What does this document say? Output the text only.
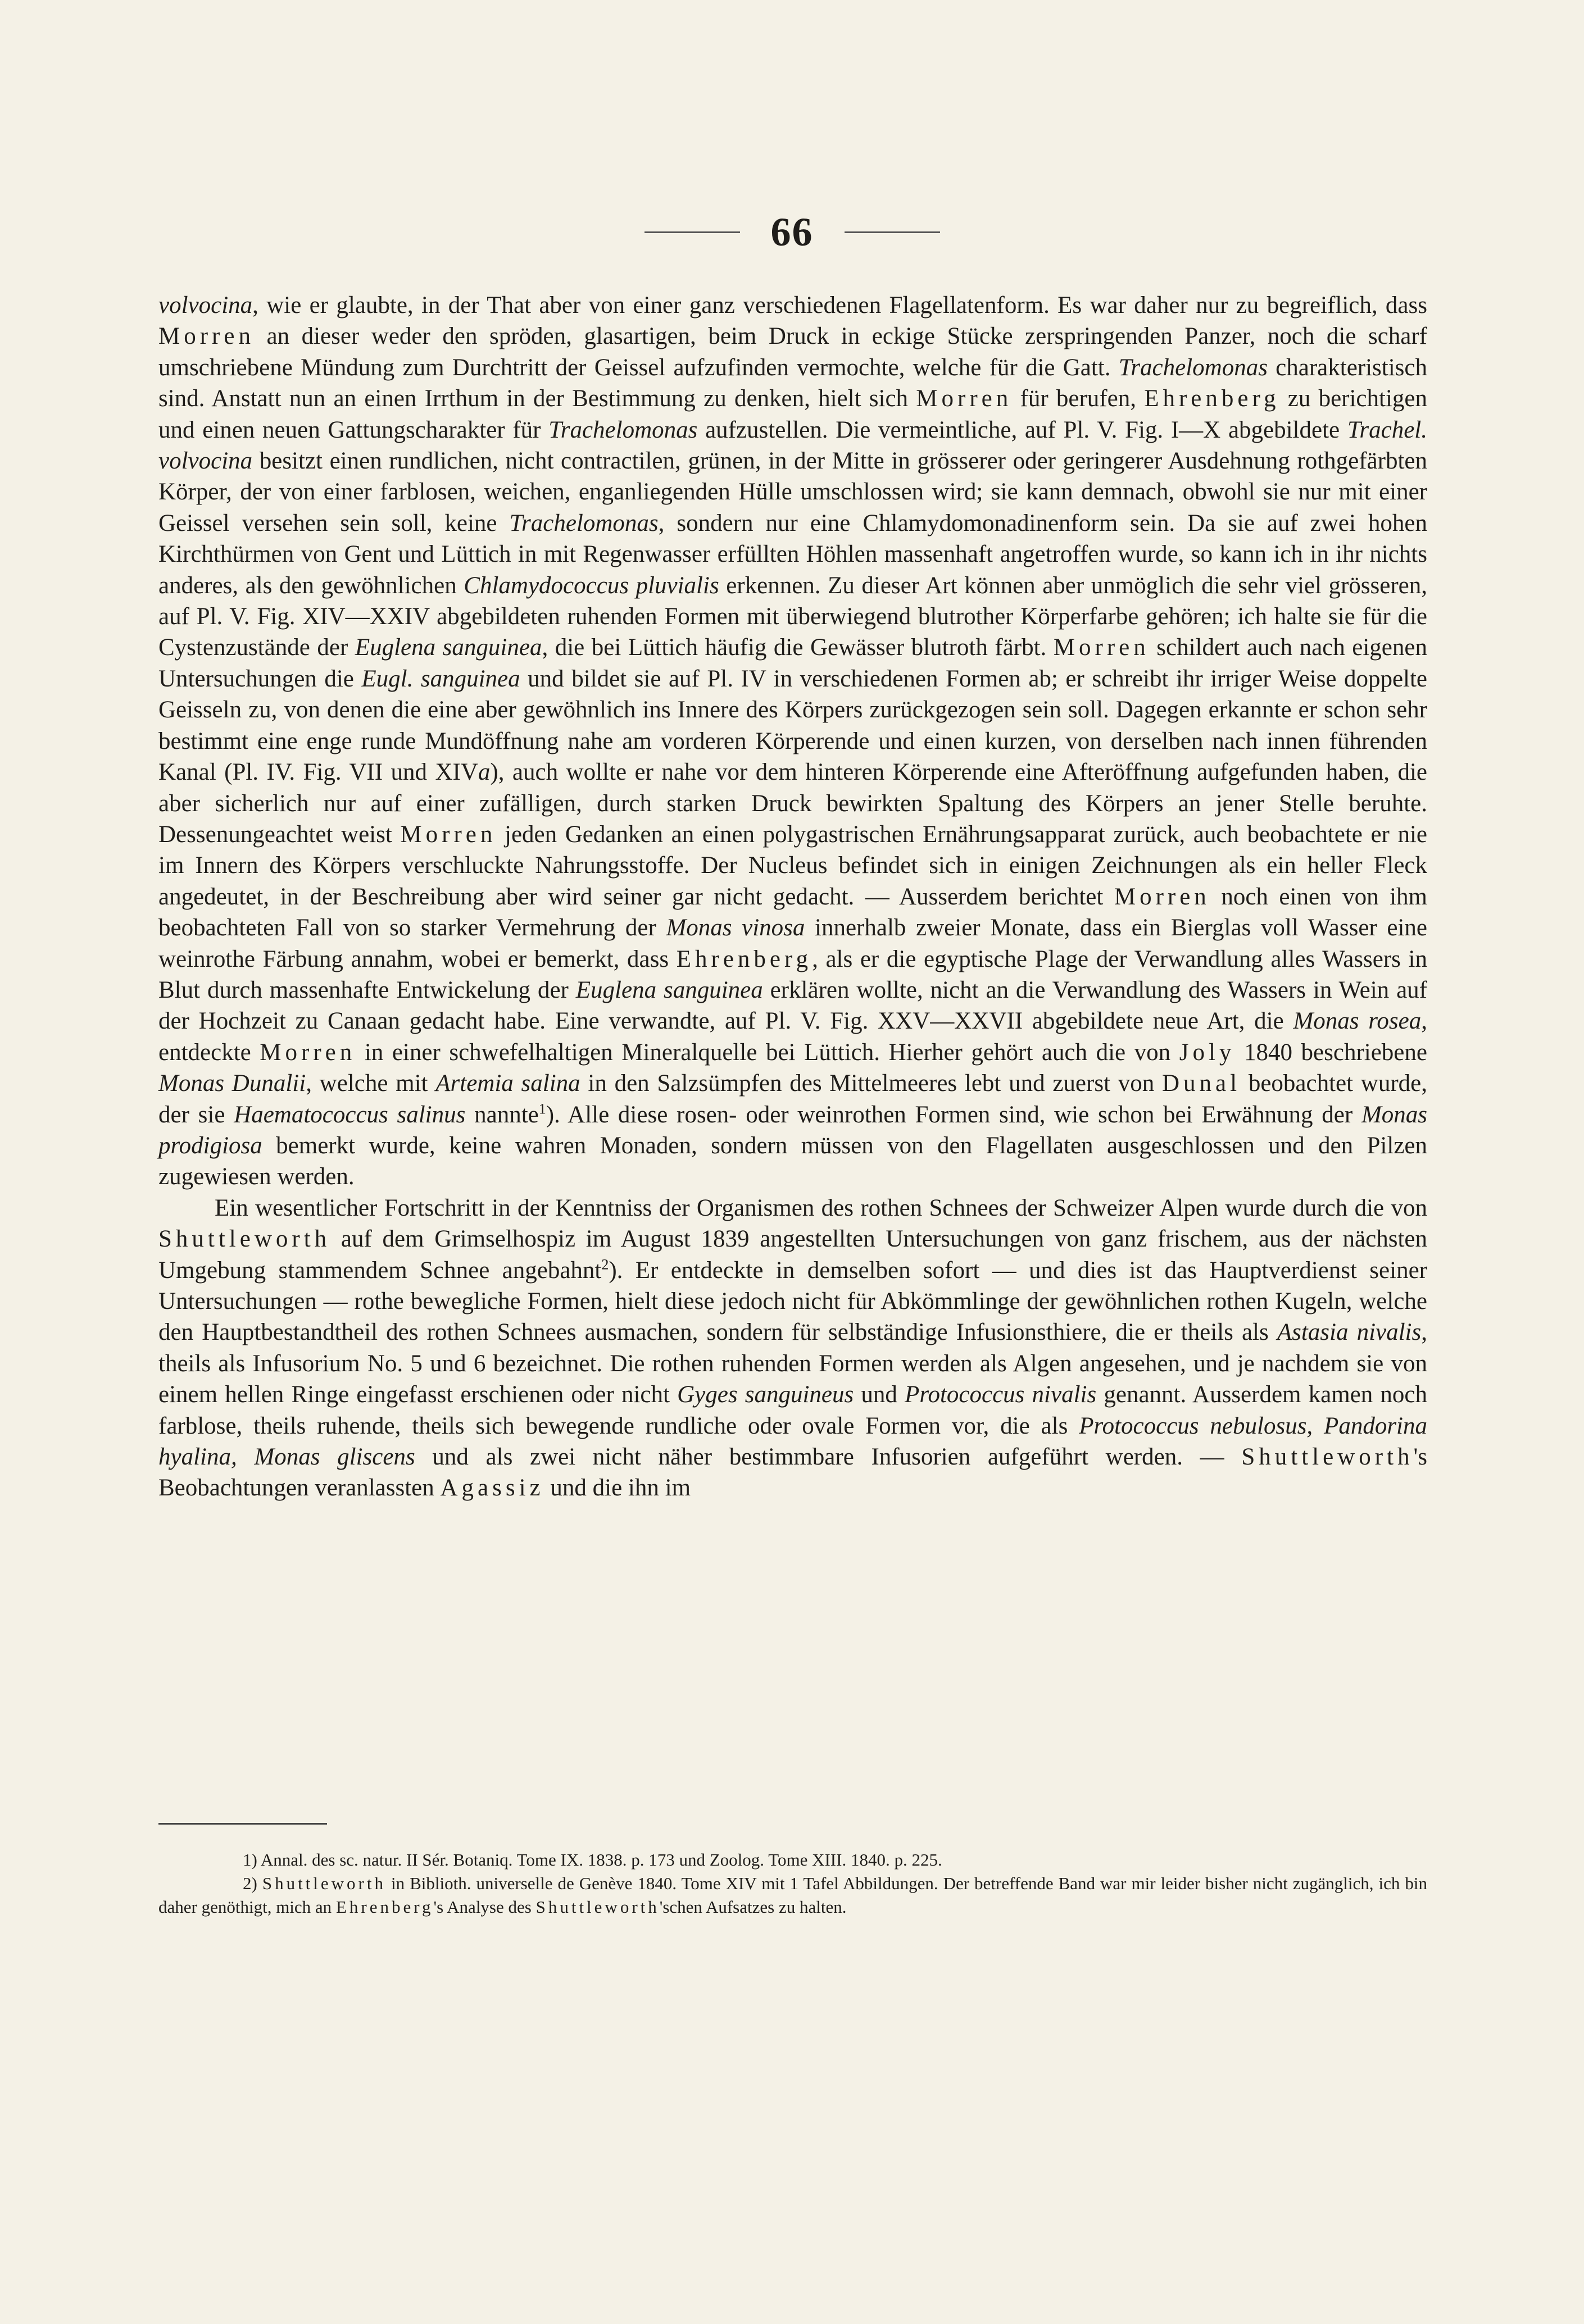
66

volvocina, wie er glaubte, in der That aber von einer ganz verschiedenen Flagellatenform. Es war daher nur zu begreiflich, dass Morren an dieser weder den spröden, glasartigen, beim Druck in eckige Stücke zerspringenden Panzer, noch die scharf umschriebene Mündung zum Durchtritt der Geissel aufzufinden vermochte, welche für die Gatt. Trachelomonas charakteristisch sind. Anstatt nun an einen Irrthum in der Bestimmung zu denken, hielt sich Morren für berufen, Ehrenberg zu berichtigen und einen neuen Gattungscharakter für Trachelomonas aufzustellen. Die vermeintliche, auf Pl. V. Fig. I—X abgebildete Trachel. volvocina besitzt einen rundlichen, nicht contractilen, grünen, in der Mitte in grösserer oder geringerer Ausdehnung rothgefärbten Körper, der von einer farblosen, weichen, enganliegenden Hülle umschlossen wird; sie kann demnach, obwohl sie nur mit einer Geissel versehen sein soll, keine Trachelomonas, sondern nur eine Chlamydomonadinenform sein. Da sie auf zwei hohen Kirchthürmen von Gent und Lüttich in mit Regenwasser erfüllten Höhlen massenhaft angetroffen wurde, so kann ich in ihr nichts anderes, als den gewöhnlichen Chlamydococcus pluvialis erkennen. Zu dieser Art können aber unmöglich die sehr viel grösseren, auf Pl. V. Fig. XIV—XXIV abgebildeten ruhenden Formen mit überwiegend blutrother Körperfarbe gehören; ich halte sie für die Cystenzustände der Euglena sanguinea, die bei Lüttich häufig die Gewässer blutroth färbt. Morren schildert auch nach eigenen Untersuchungen die Eugl. sanguinea und bildet sie auf Pl. IV in verschiedenen Formen ab; er schreibt ihr irriger Weise doppelte Geisseln zu, von denen die eine aber gewöhnlich ins Innere des Körpers zurückgezogen sein soll. Dagegen erkannte er schon sehr bestimmt eine enge runde Mundöffnung nahe am vorderen Körperende und einen kurzen, von derselben nach innen führenden Kanal (Pl. IV. Fig. VII und XIVa), auch wollte er nahe vor dem hinteren Körperende eine Afteröffnung aufgefunden haben, die aber sicherlich nur auf einer zufälligen, durch starken Druck bewirkten Spaltung des Körpers an jener Stelle beruhte. Dessenungeachtet weist Morren jeden Gedanken an einen polygastrischen Ernährungsapparat zurück, auch beobachtete er nie im Innern des Körpers verschluckte Nahrungsstoffe. Der Nucleus befindet sich in einigen Zeichnungen als ein heller Fleck angedeutet, in der Beschreibung aber wird seiner gar nicht gedacht. — Ausserdem berichtet Morren noch einen von ihm beobachteten Fall von so starker Vermehrung der Monas vinosa innerhalb zweier Monate, dass ein Bierglas voll Wasser eine weinrothe Färbung annahm, wobei er bemerkt, dass Ehrenberg, als er die egyptische Plage der Verwandlung alles Wassers in Blut durch massenhafte Entwickelung der Euglena sanguinea erklären wollte, nicht an die Verwandlung des Wassers in Wein auf der Hochzeit zu Canaan gedacht habe. Eine verwandte, auf Pl. V. Fig. XXV—XXVII abgebildete neue Art, die Monas rosea, entdeckte Morren in einer schwefelhaltigen Mineralquelle bei Lüttich. Hierher gehört auch die von Joly 1840 beschriebene Monas Dunalii, welche mit Artemia salina in den Salzsümpfen des Mittelmeeres lebt und zuerst von Dunal beobachtet wurde, der sie Haematococcus salinus nannte$^1$). Alle diese rosen- oder weinrothen Formen sind, wie schon bei Erwähnung der Monas prodigiosa bemerkt wurde, keine wahren Monaden, sondern müssen von den Flagellaten ausgeschlossen und den Pilzen zugewiesen werden.

Ein wesentlicher Fortschritt in der Kenntniss der Organismen des rothen Schnees der Schweizer Alpen wurde durch die von Shuttleworth auf dem Grimselhospiz im August 1839 angestellten Untersuchungen von ganz frischem, aus der nächsten Umgebung stammendem Schnee angebahnt$^2$). Er entdeckte in demselben sofort — und dies ist das Hauptverdienst seiner Untersuchungen — rothe bewegliche Formen, hielt diese jedoch nicht für Abkömmlinge der gewöhnlichen rothen Kugeln, welche den Hauptbestandtheil des rothen Schnees ausmachen, sondern für selbständige Infusionsthiere, die er theils als Astasia nivalis, theils als Infusorium No. 5 und 6 bezeichnet. Die rothen ruhenden Formen werden als Algen angesehen, und je nachdem sie von einem hellen Ringe eingefasst erschienen oder nicht Gyges sanguineus und Protococcus nivalis genannt. Ausserdem kamen noch farblose, theils ruhende, theils sich bewegende rundliche oder ovale Formen vor, die als Protococcus nebulosus, Pandorina hyalina, Monas gliscens und als zwei nicht näher bestimmbare Infusorien aufgeführt werden. — Shuttleworth's Beobachtungen veranlassten Agassiz und die ihn im

1) Annal. des sc. natur. II Sér. Botaniq. Tome IX. 1838. p. 173 und Zoolog. Tome XIII. 1840. p. 225.

2) Shuttleworth in Biblioth. universelle de Genève 1840. Tome XIV mit 1 Tafel Abbildungen. Der betreffende Band war mir leider bisher nicht zugänglich, ich bin daher genöthigt, mich an Ehrenberg's Analyse des Shuttleworth'schen Aufsatzes zu halten.
